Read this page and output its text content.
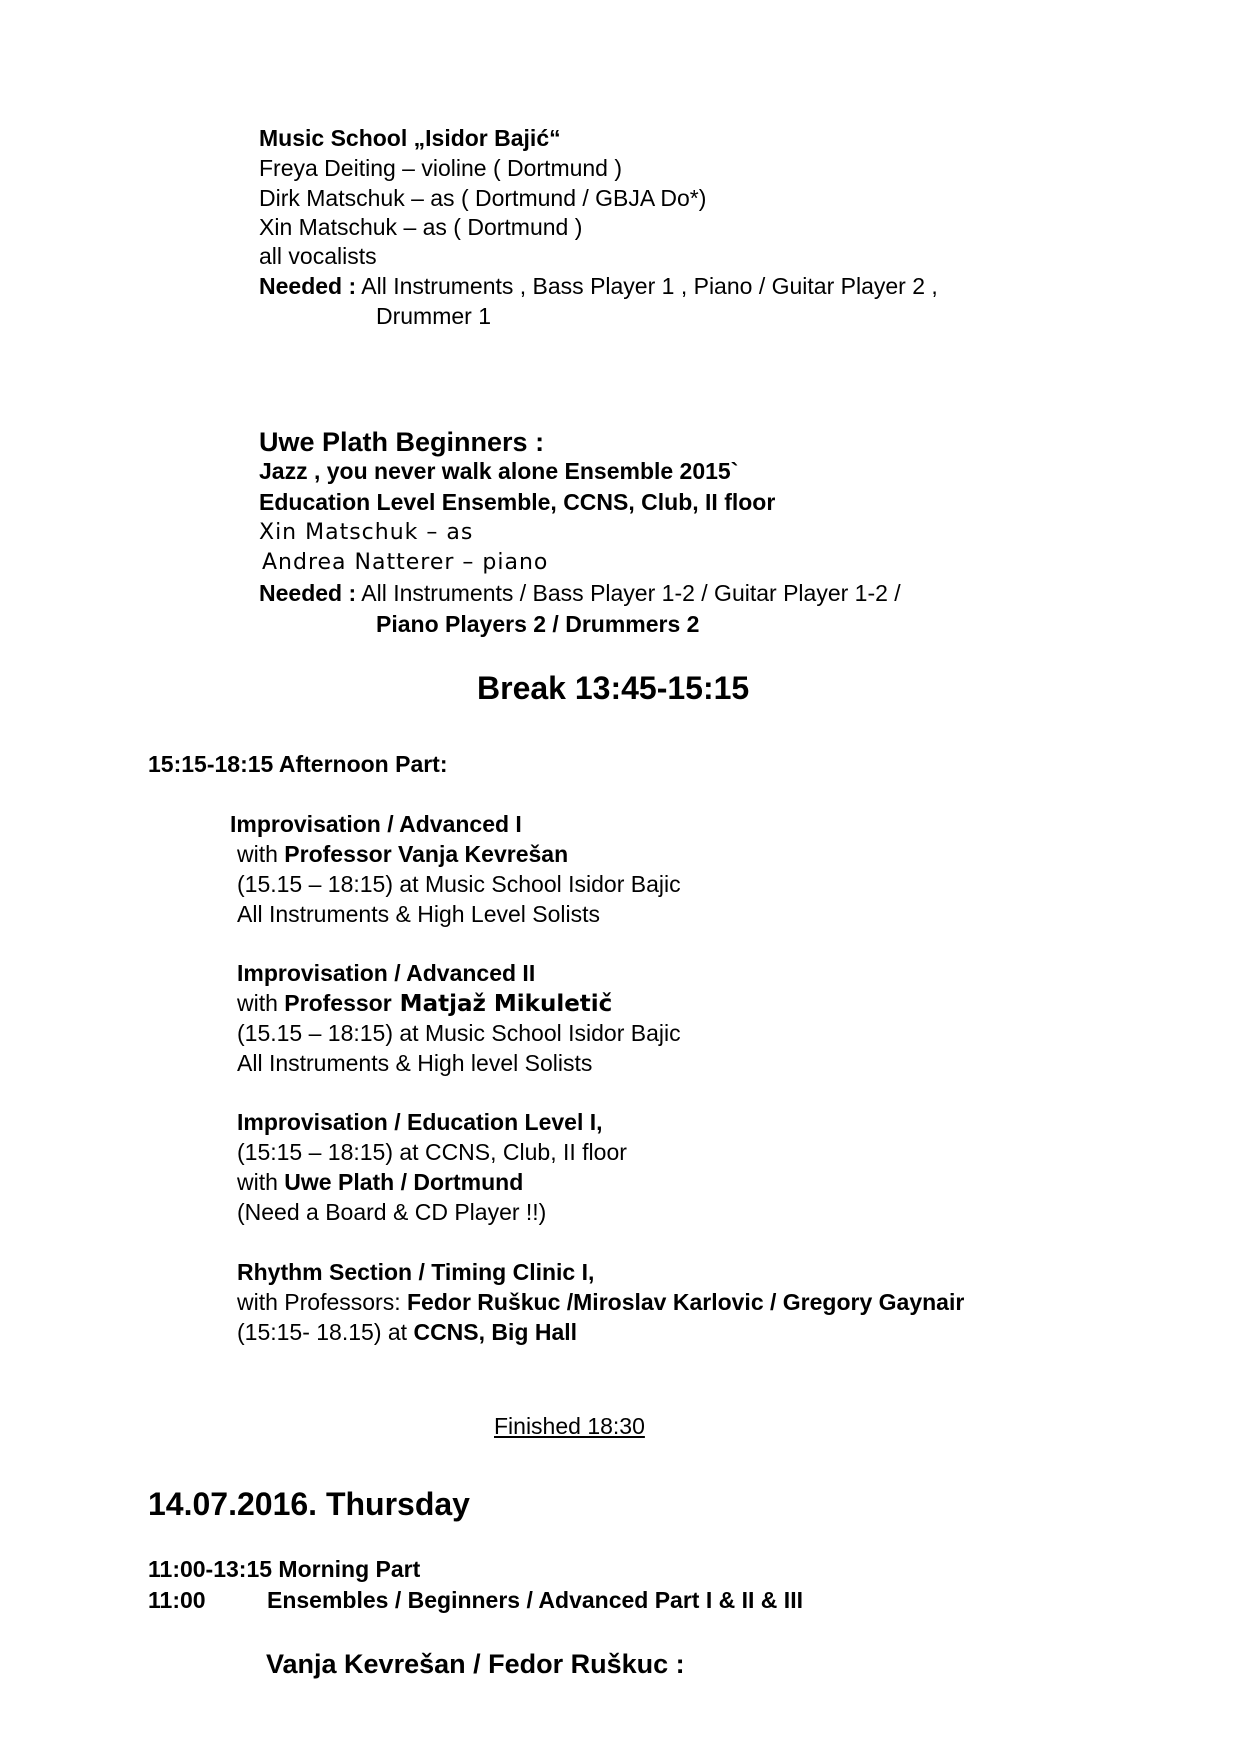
Music School „Isidor Bajić“
Freya Deiting – violine ( Dortmund )
Dirk Matschuk – as ( Dortmund / GBJA Do*)
Xin Matschuk – as ( Dortmund )
all vocalists
Needed : All Instruments , Bass Player 1 , Piano / Guitar Player 2 ,
Drummer 1
Uwe Plath Beginners :
Jazz , you never walk alone Ensemble 2015`
Education Level Ensemble, CCNS, Club, II floor
Xin Matschuk – as
Andrea Natterer – piano
Needed : All Instruments / Bass Player 1-2 / Guitar Player 1-2 /
Piano Players 2 / Drummers 2
Break 13:45-15:15
15:15-18:15 Afternoon Part:
Improvisation / Advanced I
with Professor Vanja Kevrešan
(15.15 – 18:15) at Music School Isidor Bajic
All Instruments & High Level Solists
Improvisation / Advanced II
with Professor Matjaž Mikuletič
(15.15 – 18:15) at Music School Isidor Bajic
All Instruments & High level Solists
Improvisation / Education Level I,
(15:15 – 18:15) at CCNS, Club, II floor
with Uwe Plath / Dortmund
(Need a Board & CD Player !!)
Rhythm Section / Timing Clinic I,
with Professors: Fedor Ruškuc /Miroslav Karlovic / Gregory Gaynair
(15:15- 18.15) at CCNS, Big Hall
Finished 18:30
14.07.2016. Thursday
11:00-13:15 Morning Part
11:00	Ensembles / Beginners / Advanced Part I & II & III
Vanja Kevrešan / Fedor Ruškuc :
